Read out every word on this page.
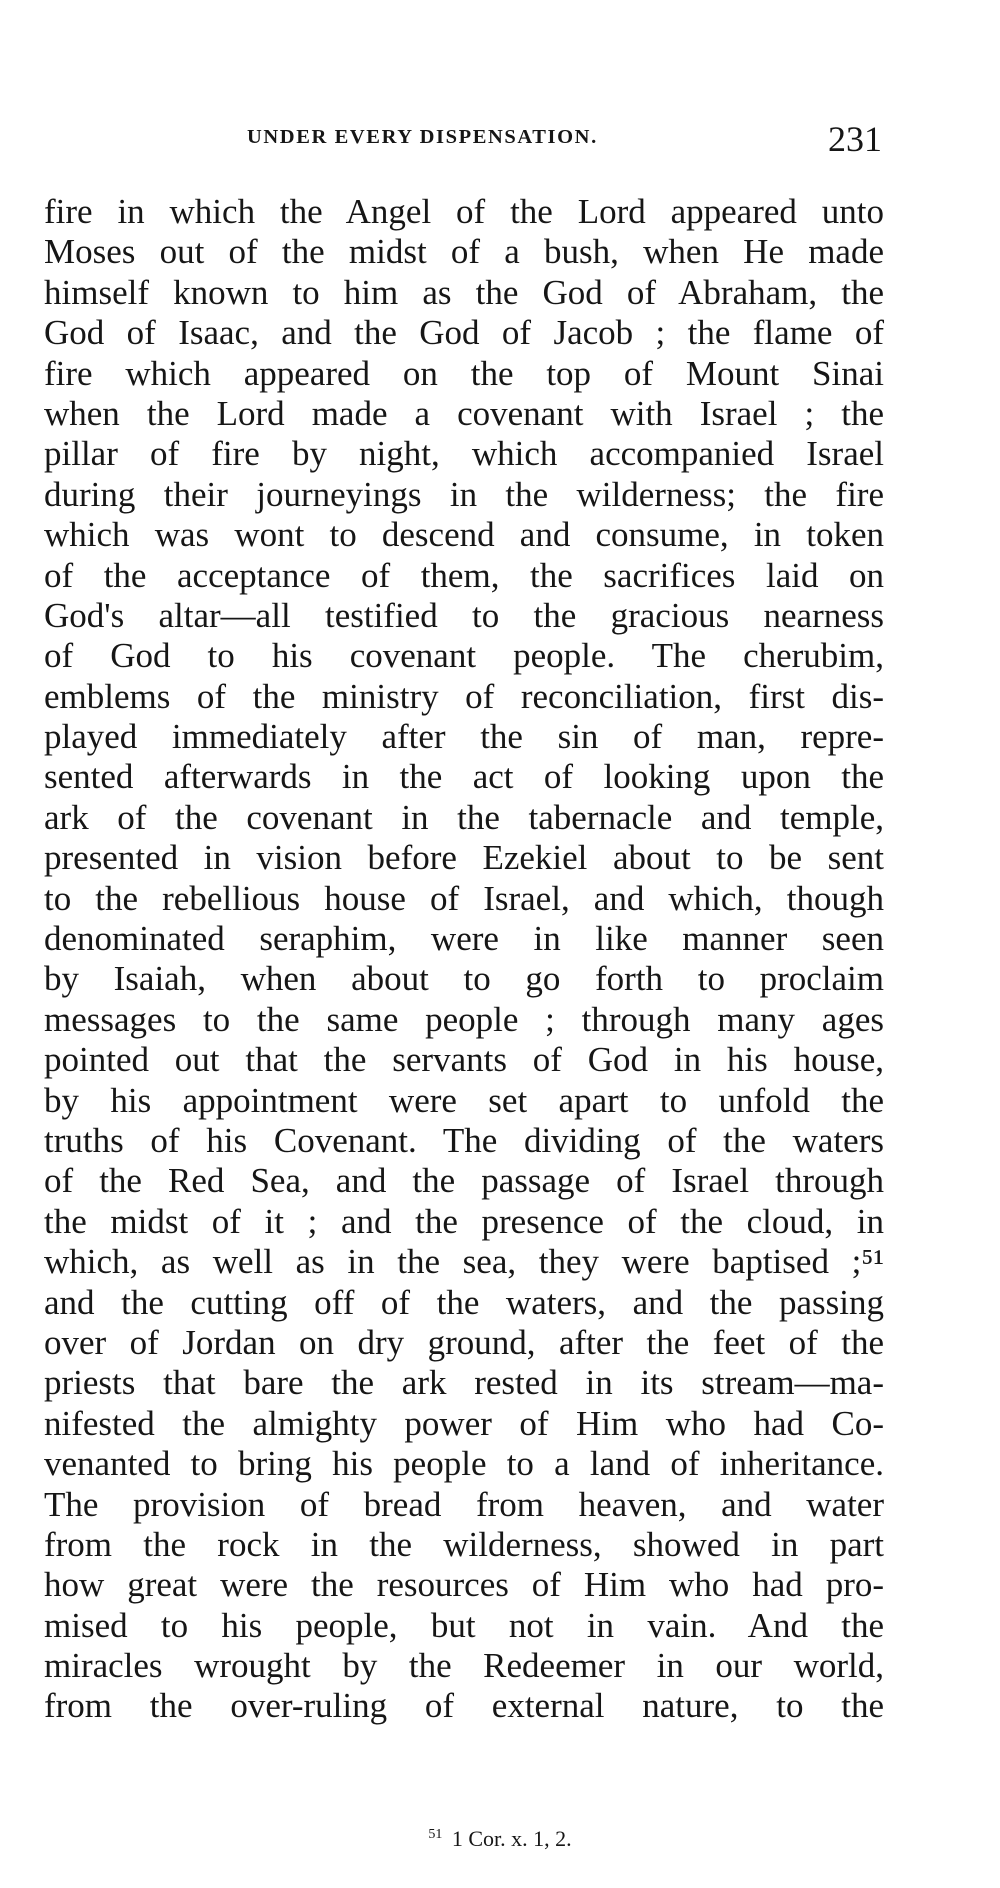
UNDER EVERY DISPENSATION.	231
fire in which the Angel of the Lord appeared unto
Moses out of the midst of a bush, when He made
himself known to him as the God of Abraham, the
God of Isaac, and the God of Jacob ; the flame of
fire which appeared on the top of Mount Sinai
when the Lord made a covenant with Israel ; the
pillar of fire by night, which accompanied Israel
during their journeyings in the wilderness; the fire
which was wont to descend and consume, in token
of the acceptance of them, the sacrifices laid on
God's altar—all testified to the gracious nearness
of God to his covenant people. The cherubim,
emblems of the ministry of reconciliation, first dis-
played immediately after the sin of man, repre-
sented afterwards in the act of looking upon the
ark of the covenant in the tabernacle and temple,
presented in vision before Ezekiel about to be sent
to the rebellious house of Israel, and which, though
denominated seraphim, were in like manner seen
by Isaiah, when about to go forth to proclaim
messages to the same people ; through many ages
pointed out that the servants of God in his house,
by his appointment were set apart to unfold the
truths of his Covenant. The dividing of the waters
of the Red Sea, and the passage of Israel through
the midst of it ; and the presence of the cloud, in
which, as well as in the sea, they were baptised ;⁵¹
and the cutting off of the waters, and the passing
over of Jordan on dry ground, after the feet of the
priests that bare the ark rested in its stream—ma-
nifested the almighty power of Him who had Co-
venanted to bring his people to a land of inheritance.
The provision of bread from heaven, and water
from the rock in the wilderness, showed in part
how great were the resources of Him who had pro-
mised to his people, but not in vain. And the
miracles wrought by the Redeemer in our world,
from the over-ruling of external nature, to the
$^{51}$ 1 Cor. x. 1, 2.
